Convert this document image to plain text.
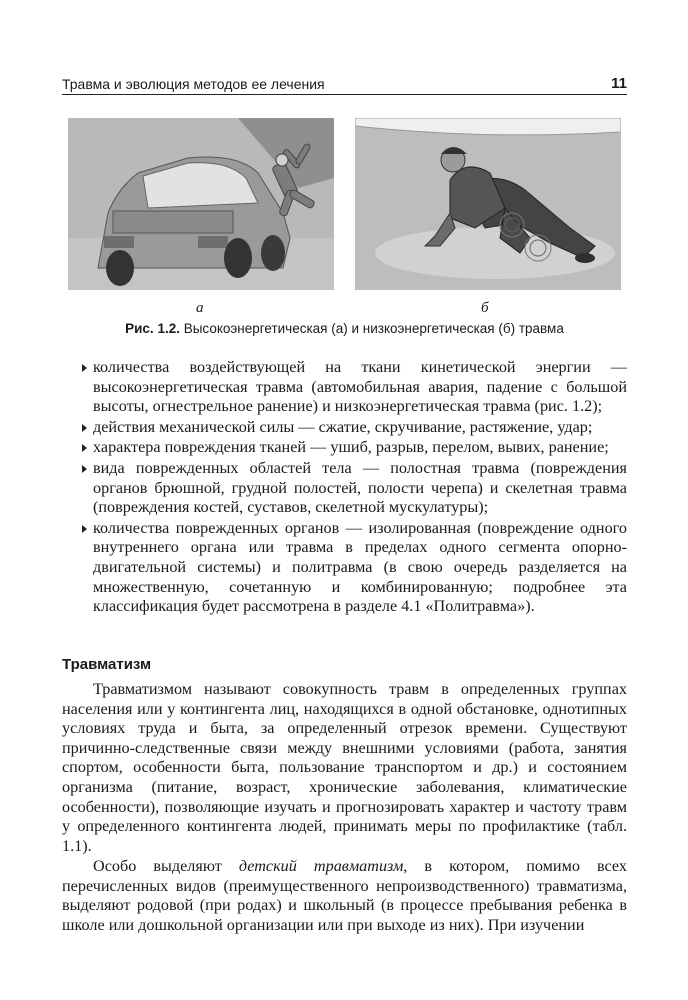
Травма и эволюция методов ее лечения	11
а	б
Рис. 1.2. Высокоэнергетическая (а) и низкоэнергетическая (б) травма
количества воздействующей на ткани кинетической энергии — высокоэнергетическая травма (автомобильная авария, падение с большой высоты, огнестрельное ранение) и низкоэнергетическая травма (рис. 1.2);
действия механической силы — сжатие, скручивание, растяжение, удар;
характера повреждения тканей — ушиб, разрыв, перелом, вывих, ранение;
вида поврежденных областей тела — полостная травма (повреждения органов брюшной, грудной полостей, полости черепа) и скелетная травма (повреждения костей, суставов, скелетной мускулатуры);
количества поврежденных органов — изолированная (повреждение одного внутреннего органа или травма в пределах одного сегмента опорно-двигательной системы) и политравма (в свою очередь разделяется на множественную, сочетанную и комбинированную; подробнее эта классификация будет рассмотрена в разделе 4.1 «Политравма»).
Травматизм

Травматизмом называют совокупность травм в определенных группах населения или у контингента лиц, находящихся в одной обстановке, однотипных условиях труда и быта, за определенный отрезок времени. Существуют причинно-следственные связи между внешними условиями (работа, занятия спортом, особенности быта, пользование транспортом и др.) и состоянием организма (питание, возраст, хронические заболевания, климатические особенности), позволяющие изучать и прогнозировать характер и частоту травм у определенного контингента людей, принимать меры по профилактике (табл. 1.1).

Особо выделяют детский травматизм, в котором, помимо всех перечисленных видов (преимущественного непроизводственного) травматизма, выделяют родовой (при родах) и школьный (в процессе пребывания ребенка в школе или дошкольной организации или при выходе из них). При изучении
